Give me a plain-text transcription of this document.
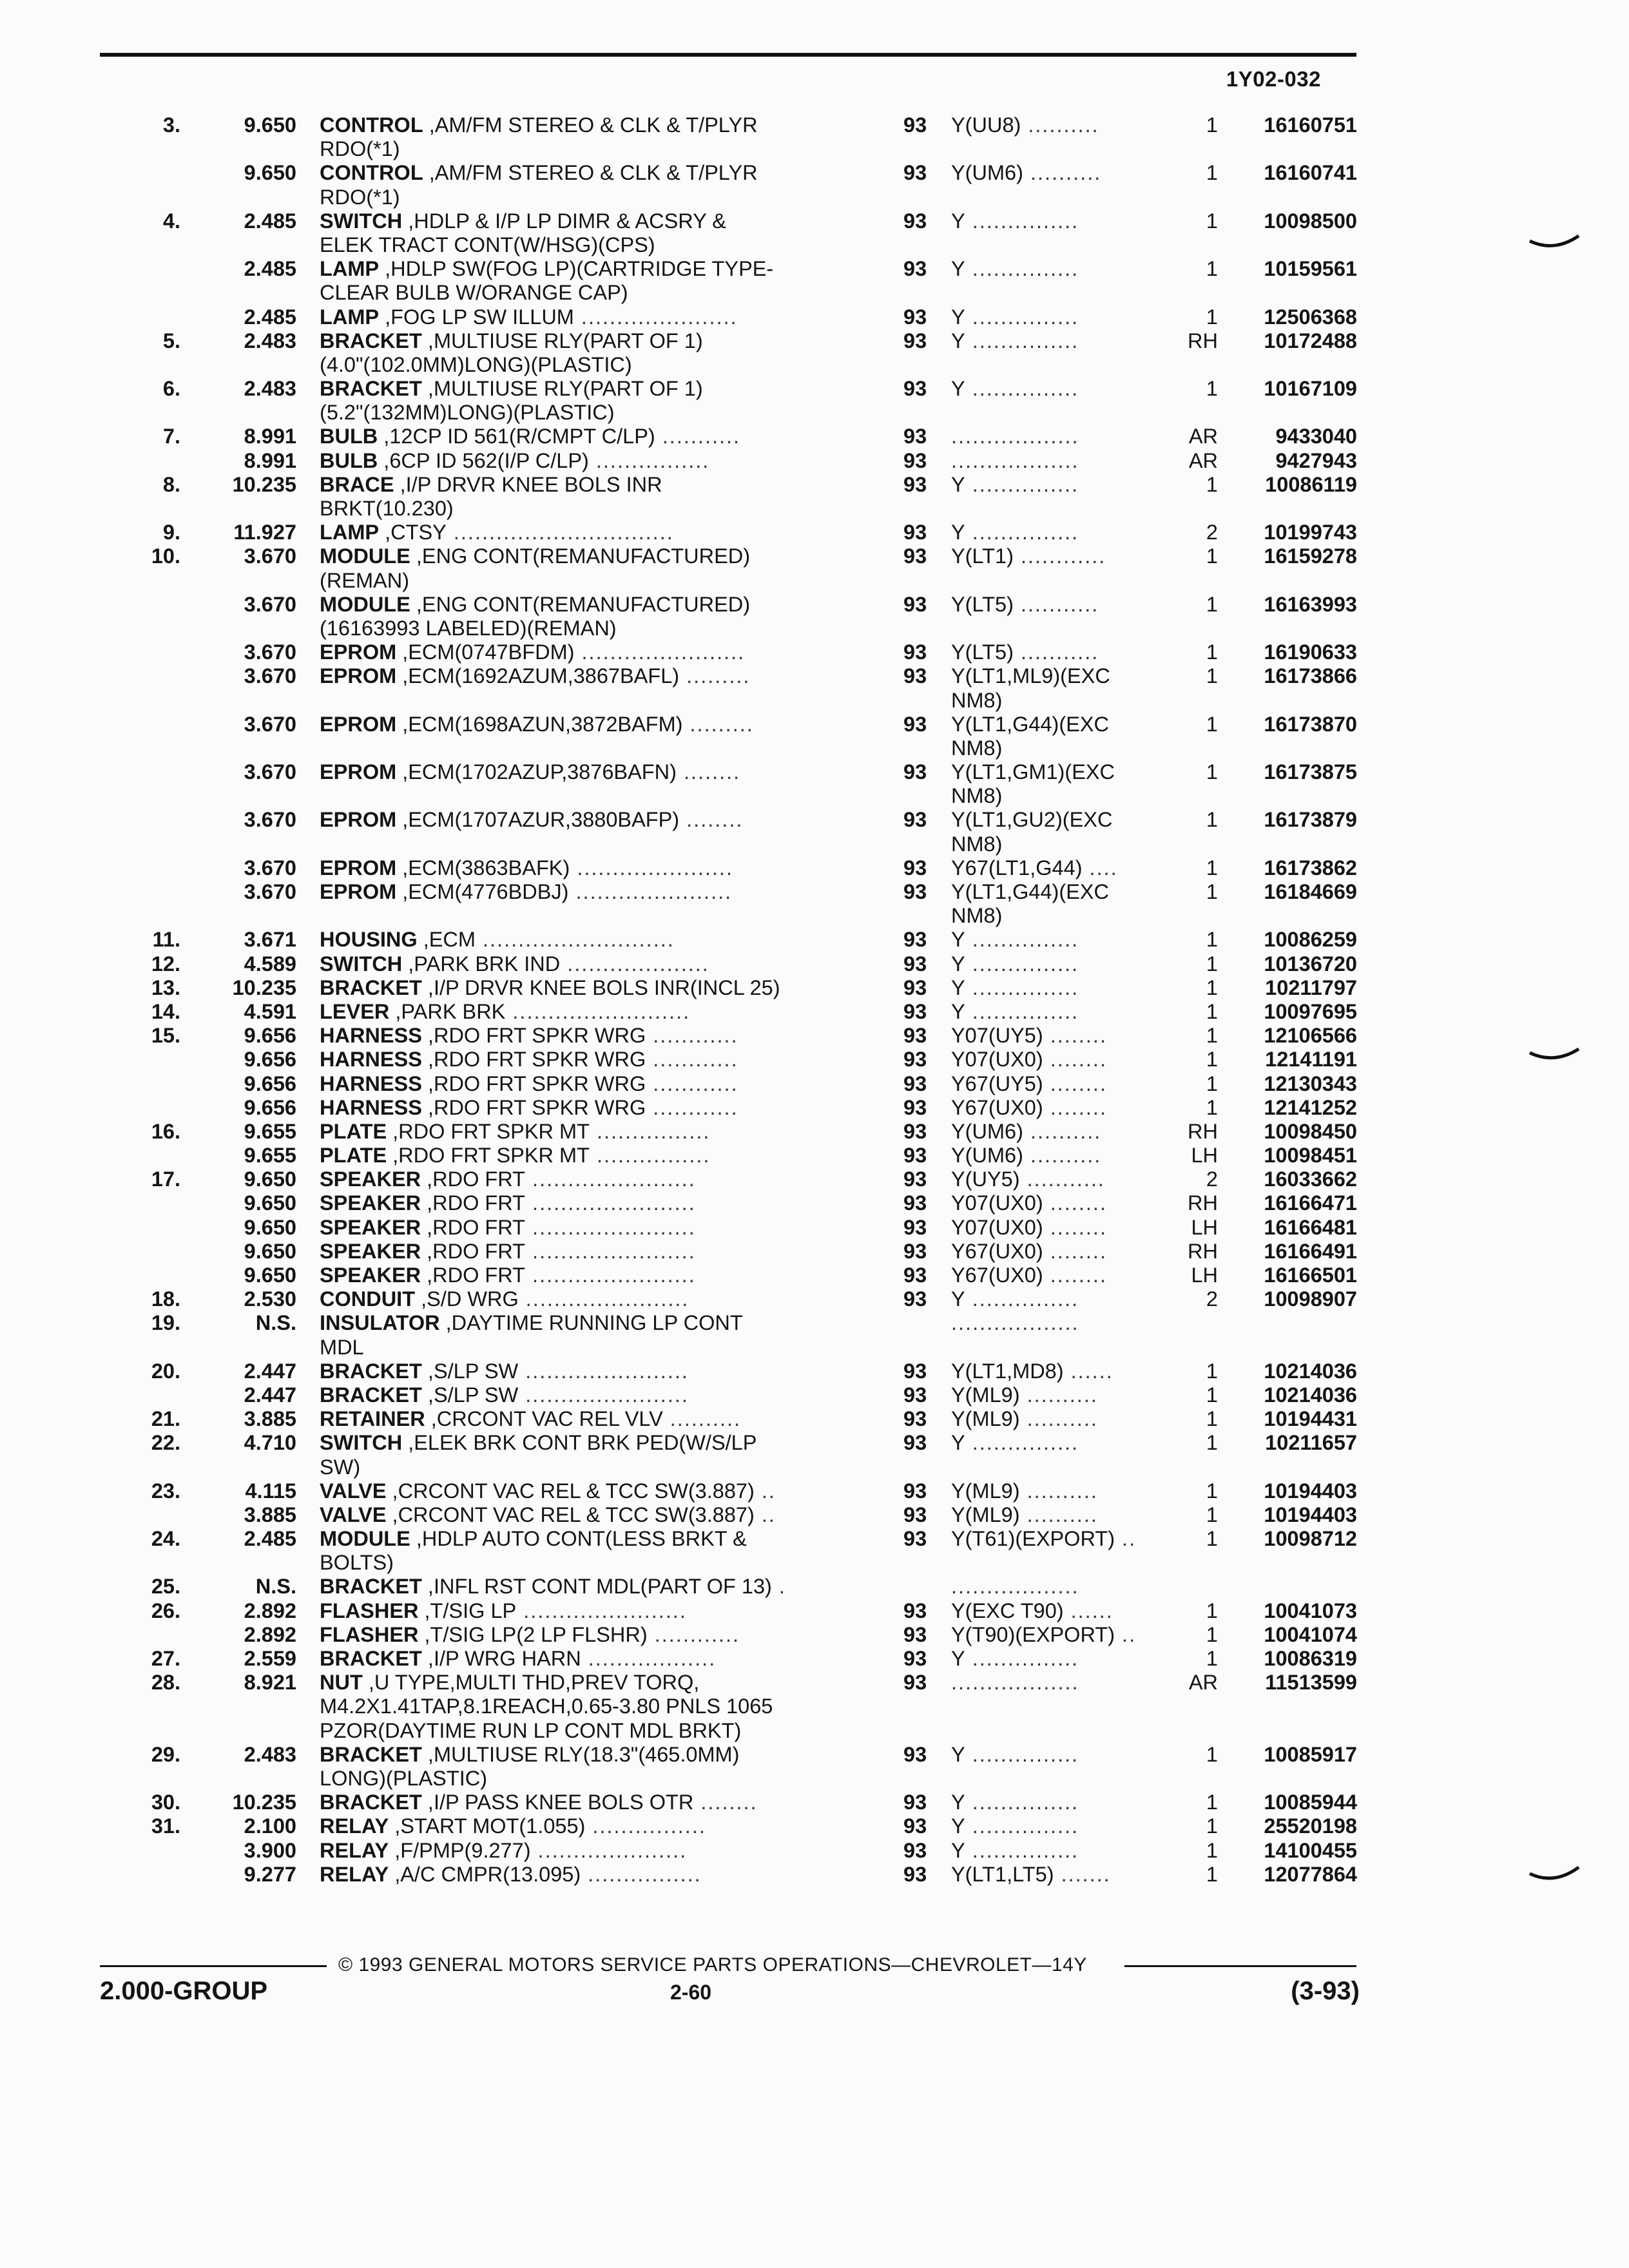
1Y02-032
3.	9.650 CONTROL ,AM/FM STEREO & CLK & T/PLYR	93	Y(UU8) ..........	1	16160751
RDO(*1)
9.650 CONTROL ,AM/FM STEREO & CLK & T/PLYR	93	Y(UM6) ..........	1	16160741
RDO(*1)
4.	2.485 SWITCH ,HDLP & I/P LP DIMR & ACSRY &	93	Y ...............	1	10098500
ELEK TRACT CONT(W/HSG)(CPS)
2.485 LAMP ,HDLP SW(FOG LP)(CARTRIDGE TYPE-	93	Y ...............	1	10159561
CLEAR BULB W/ORANGE CAP)
2.485 LAMP ,FOG LP SW ILLUM ......................	93	Y ...............	1	12506368
5.	2.483 BRACKET ,MULTIUSE RLY(PART OF 1)	93	Y ...............	RH	10172488
(4.0"(102.0MM)LONG)(PLASTIC)
6.	2.483 BRACKET ,MULTIUSE RLY(PART OF 1)	93	Y ...............	1	10167109
(5.2"(132MM)LONG)(PLASTIC)
7.	8.991 BULB ,12CP ID 561(R/CMPT C/LP) ...........	93	..................	AR	9433040
8.991 BULB ,6CP ID 562(I/P C/LP) ................	93	..................	AR	9427943
8.	10.235 BRACE ,I/P DRVR KNEE BOLS INR	93	Y ...............	1	10086119
BRKT(10.230)
9.	11.927 LAMP ,CTSY ...............................	93	Y ...............	2	10199743
10.	3.670 MODULE ,ENG CONT(REMANUFACTURED)	93	Y(LT1) ............	1	16159278
(REMAN)
3.670 MODULE ,ENG CONT(REMANUFACTURED)	93	Y(LT5) ...........	1	16163993
(16163993 LABELED)(REMAN)
3.670 EPROM ,ECM(0747BFDM) .......................	93	Y(LT5) ...........	1	16190633
3.670 EPROM ,ECM(1692AZUM,3867BAFL) .........	93	Y(LT1,ML9)(EXC	1	16173866
NM8)
3.670 EPROM ,ECM(1698AZUN,3872BAFM) .........	93	Y(LT1,G44)(EXC	1	16173870
NM8)
3.670 EPROM ,ECM(1702AZUP,3876BAFN) ........	93	Y(LT1,GM1)(EXC	1	16173875
NM8)
3.670 EPROM ,ECM(1707AZUR,3880BAFP) ........	93	Y(LT1,GU2)(EXC	1	16173879
NM8)
3.670 EPROM ,ECM(3863BAFK) ......................	93	Y67(LT1,G44) ....	1	16173862
3.670 EPROM ,ECM(4776BDBJ) ......................	93	Y(LT1,G44)(EXC	1	16184669
NM8)
11.	3.671 HOUSING ,ECM ...........................	93	Y ...............	1	10086259
12.	4.589 SWITCH ,PARK BRK IND ....................	93	Y ...............	1	10136720
13.	10.235 BRACKET ,I/P DRVR KNEE BOLS INR(INCL 25)	93	Y ...............	1	10211797
14.	4.591 LEVER ,PARK BRK .........................	93	Y ...............	1	10097695
15.	9.656 HARNESS ,RDO FRT SPKR WRG ............	93	Y07(UY5) ........	1	12106566
9.656 HARNESS ,RDO FRT SPKR WRG ............	93	Y07(UX0) ........	1	12141191
9.656 HARNESS ,RDO FRT SPKR WRG ............	93	Y67(UY5) ........	1	12130343
9.656 HARNESS ,RDO FRT SPKR WRG ............	93	Y67(UX0) ........	1	12141252
16.	9.655 PLATE ,RDO FRT SPKR MT ................	93	Y(UM6) ..........	RH	10098450
9.655 PLATE ,RDO FRT SPKR MT ................	93	Y(UM6) ..........	LH	10098451
17.	9.650 SPEAKER ,RDO FRT .......................	93	Y(UY5) ...........	2	16033662
9.650 SPEAKER ,RDO FRT .......................	93	Y07(UX0) ........	RH	16166471
9.650 SPEAKER ,RDO FRT .......................	93	Y07(UX0) ........	LH	16166481
9.650 SPEAKER ,RDO FRT .......................	93	Y67(UX0) ........	RH	16166491
9.650 SPEAKER ,RDO FRT .......................	93	Y67(UX0) ........	LH	16166501
18.	2.530 CONDUIT ,S/D WRG .......................	93	Y ...............	2	10098907
19.	N.S. INSULATOR ,DAYTIME RUNNING LP CONT	..................
MDL
20.	2.447 BRACKET ,S/LP SW .......................	93	Y(LT1,MD8) ......	1	10214036
2.447 BRACKET ,S/LP SW .......................	93	Y(ML9) ..........	1	10214036
21.	3.885 RETAINER ,CRCONT VAC REL VLV ..........	93	Y(ML9) ..........	1	10194431
22.	4.710 SWITCH ,ELEK BRK CONT BRK PED(W/S/LP	93	Y ...............	1	10211657
SW)
23.	4.115 VALVE ,CRCONT VAC REL & TCC SW(3.887) ..	93	Y(ML9) ..........	1	10194403
3.885 VALVE ,CRCONT VAC REL & TCC SW(3.887) ..	93	Y(ML9) ..........	1	10194403
24.	2.485 MODULE ,HDLP AUTO CONT(LESS BRKT &	93	Y(T61)(EXPORT) ..	1	10098712
BOLTS)
25.	N.S. BRACKET ,INFL RST CONT MDL(PART OF 13) .	..................
26.	2.892 FLASHER ,T/SIG LP .......................	93	Y(EXC T90) ......	1	10041073
2.892 FLASHER ,T/SIG LP(2 LP FLSHR) ............	93	Y(T90)(EXPORT) ..	1	10041074
27.	2.559 BRACKET ,I/P WRG HARN ..................	93	Y ...............	1	10086319
28.	8.921 NUT ,U TYPE,MULTI THD,PREV TORQ,	93	..................	AR	11513599
M4.2X1.41TAP,8.1REACH,0.65-3.80 PNLS 1065
PZOR(DAYTIME RUN LP CONT MDL BRKT)
29.	2.483 BRACKET ,MULTIUSE RLY(18.3"(465.0MM)	93	Y ...............	1	10085917
LONG)(PLASTIC)
30.	10.235 BRACKET ,I/P PASS KNEE BOLS OTR ........	93	Y ...............	1	10085944
31.	2.100 RELAY ,START MOT(1.055) ................	93	Y ...............	1	25520198
3.900 RELAY ,F/PMP(9.277) .....................	93	Y ...............	1	14100455
9.277 RELAY ,A/C CMPR(13.095) ................	93	Y(LT1,LT5) .......	1	12077864
© 1993 GENERAL MOTORS SERVICE PARTS OPERATIONS—CHEVROLET—14Y
2.000-GROUP	2-60	(3-93)
